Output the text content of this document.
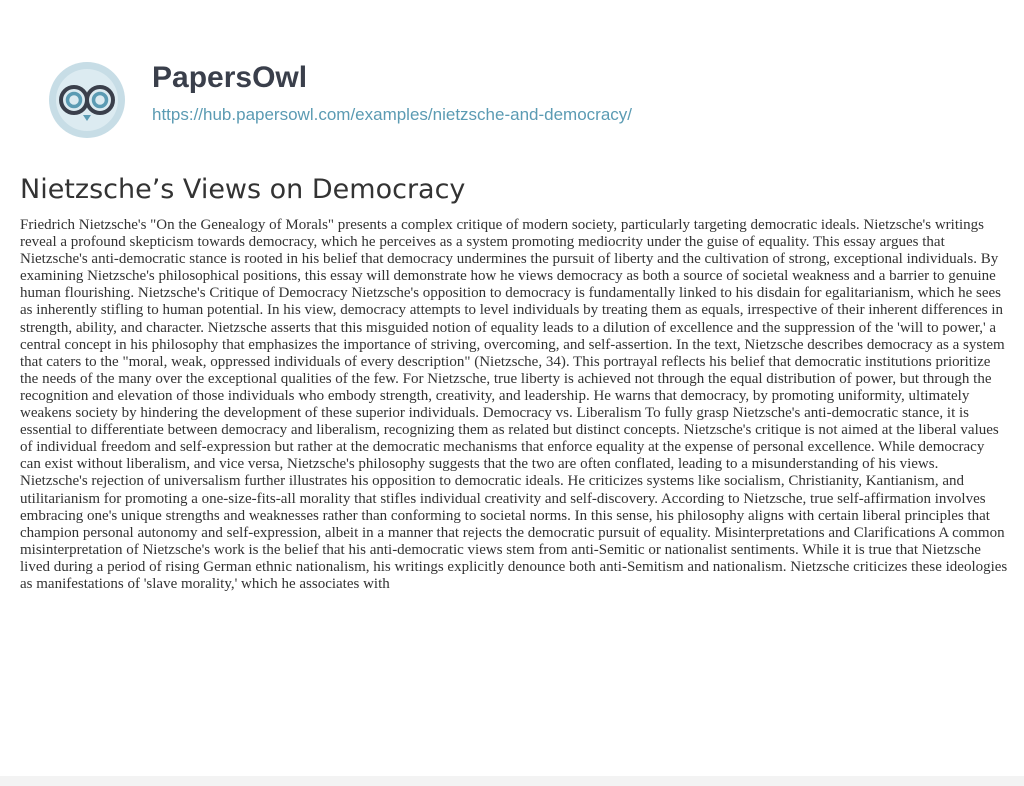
PapersOwl
https://hub.papersowl.com/examples/nietzsche-and-democracy/
Nietzsche’s Views on Democracy

Friedrich Nietzsche's "On the Genealogy of Morals" presents a complex critique of modern society, particularly targeting democratic ideals. Nietzsche's writings reveal a profound skepticism towards democracy, which he perceives as a system promoting mediocrity under the guise of equality. This essay argues that Nietzsche's anti-democratic stance is rooted in his belief that democracy undermines the pursuit of liberty and the cultivation of strong, exceptional individuals. By examining Nietzsche's philosophical positions, this essay will demonstrate how he views democracy as both a source of societal weakness and a barrier to genuine human flourishing. Nietzsche's Critique of Democracy Nietzsche's opposition to democracy is fundamentally linked to his disdain for egalitarianism, which he sees as inherently stifling to human potential. In his view, democracy attempts to level individuals by treating them as equals, irrespective of their inherent differences in strength, ability, and character. Nietzsche asserts that this misguided notion of equality leads to a dilution of excellence and the suppression of the 'will to power,' a central concept in his philosophy that emphasizes the importance of striving, overcoming, and self-assertion. In the text, Nietzsche describes democracy as a system that caters to the "moral, weak, oppressed individuals of every description" (Nietzsche, 34). This portrayal reflects his belief that democratic institutions prioritize the needs of the many over the exceptional qualities of the few. For Nietzsche, true liberty is achieved not through the equal distribution of power, but through the recognition and elevation of those individuals who embody strength, creativity, and leadership. He warns that democracy, by promoting uniformity, ultimately weakens society by hindering the development of these superior individuals. Democracy vs. Liberalism To fully grasp Nietzsche's anti-democratic stance, it is essential to differentiate between democracy and liberalism, recognizing them as related but distinct concepts. Nietzsche's critique is not aimed at the liberal values of individual freedom and self-expression but rather at the democratic mechanisms that enforce equality at the expense of personal excellence. While democracy can exist without liberalism, and vice versa, Nietzsche's philosophy suggests that the two are often conflated, leading to a misunderstanding of his views. Nietzsche's rejection of universalism further illustrates his opposition to democratic ideals. He criticizes systems like socialism, Christianity, Kantianism, and utilitarianism for promoting a one-size-fits-all morality that stifles individual creativity and self-discovery. According to Nietzsche, true self-affirmation involves embracing one's unique strengths and weaknesses rather than conforming to societal norms. In this sense, his philosophy aligns with certain liberal principles that champion personal autonomy and self-expression, albeit in a manner that rejects the democratic pursuit of equality. Misinterpretations and Clarifications A common misinterpretation of Nietzsche's work is the belief that his anti-democratic views stem from anti-Semitic or nationalist sentiments. While it is true that Nietzsche lived during a period of rising German ethnic nationalism, his writings explicitly denounce both anti-Semitism and nationalism. Nietzsche criticizes these ideologies as manifestations of 'slave morality,' which he associates with
